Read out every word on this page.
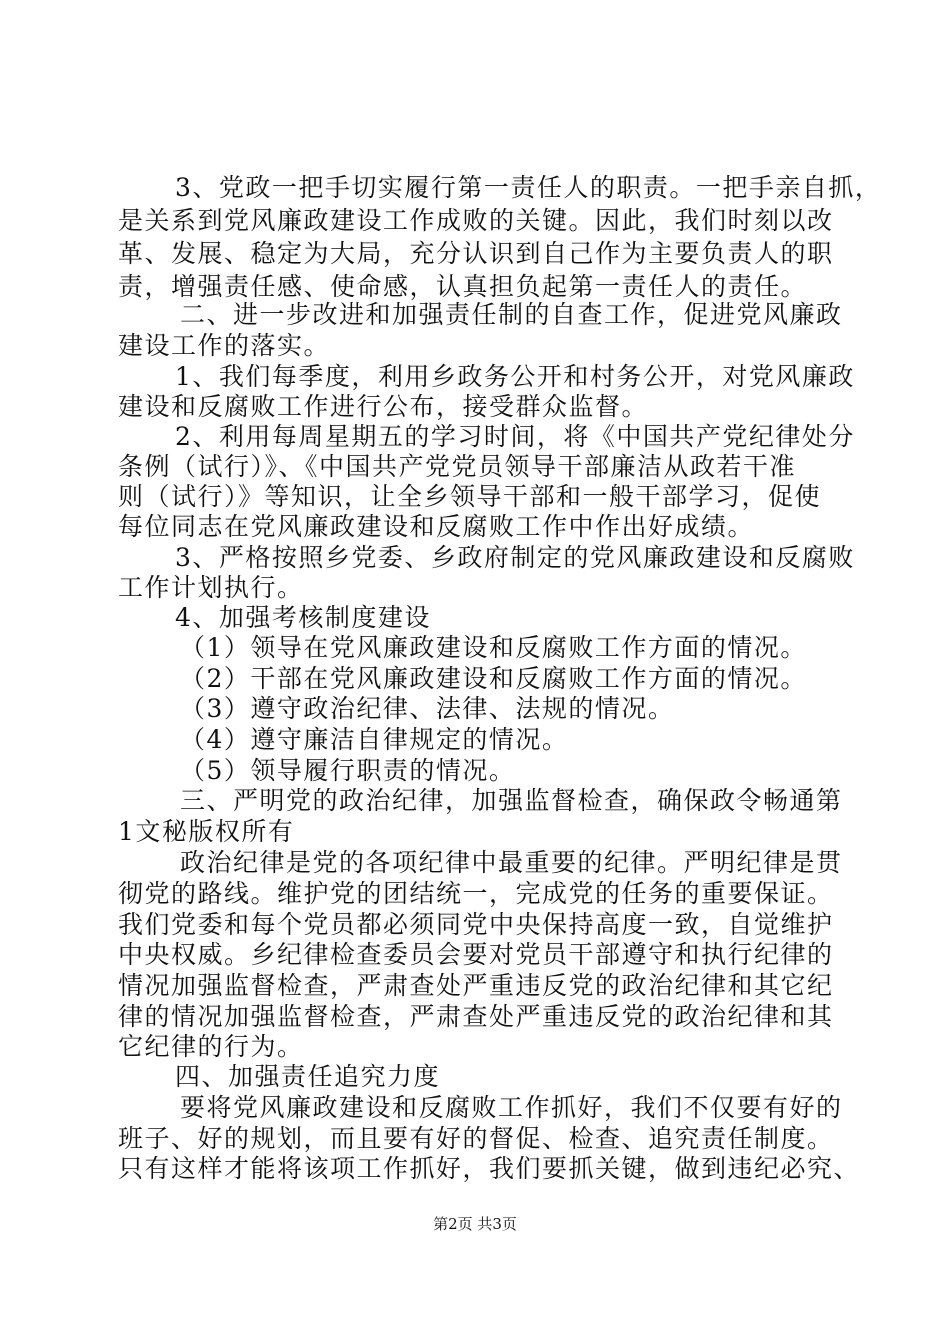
3、党政一把手切实履行第一责任人的职责。一把手亲自抓，
是关系到党风廉政建设工作成败的关键。因此，我们时刻以改
革、发展、稳定为大局，充分认识到自己作为主要负责人的职
责，增强责任感、使命感，认真担负起第一责任人的责任。
二、进一步改进和加强责任制的自查工作，促进党风廉政
建设工作的落实。
1、我们每季度，利用乡政务公开和村务公开，对党风廉政
建设和反腐败工作进行公布，接受群众监督。
2、利用每周星期五的学习时间，将《中国共产党纪律处分
条例（试行）》、《中国共产党党员领导干部廉洁从政若干准
则（试行）》等知识，让全乡领导干部和一般干部学习，促使
每位同志在党风廉政建设和反腐败工作中作出好成绩。
3、严格按照乡党委、乡政府制定的党风廉政建设和反腐败
工作计划执行。
4、加强考核制度建设
（1）领导在党风廉政建设和反腐败工作方面的情况。
（2）干部在党风廉政建设和反腐败工作方面的情况。
（3）遵守政治纪律、法律、法规的情况。
（4）遵守廉洁自律规定的情况。
（5）领导履行职责的情况。
三、严明党的政治纪律，加强监督检查，确保政令畅通第
1文秘版权所有
政治纪律是党的各项纪律中最重要的纪律。严明纪律是贯
彻党的路线。维护党的团结统一，完成党的任务的重要保证。
我们党委和每个党员都必须同党中央保持高度一致，自觉维护
中央权威。乡纪律检查委员会要对党员干部遵守和执行纪律的
情况加强监督检查，严肃查处严重违反党的政治纪律和其它纪
律的情况加强监督检查，严肃查处严重违反党的政治纪律和其
它纪律的行为。
四、加强责任追究力度
要将党风廉政建设和反腐败工作抓好，我们不仅要有好的
班子、好的规划，而且要有好的督促、检查、追究责任制度。
只有这样才能将该项工作抓好，我们要抓关键，做到违纪必究、
第2页 共3页
